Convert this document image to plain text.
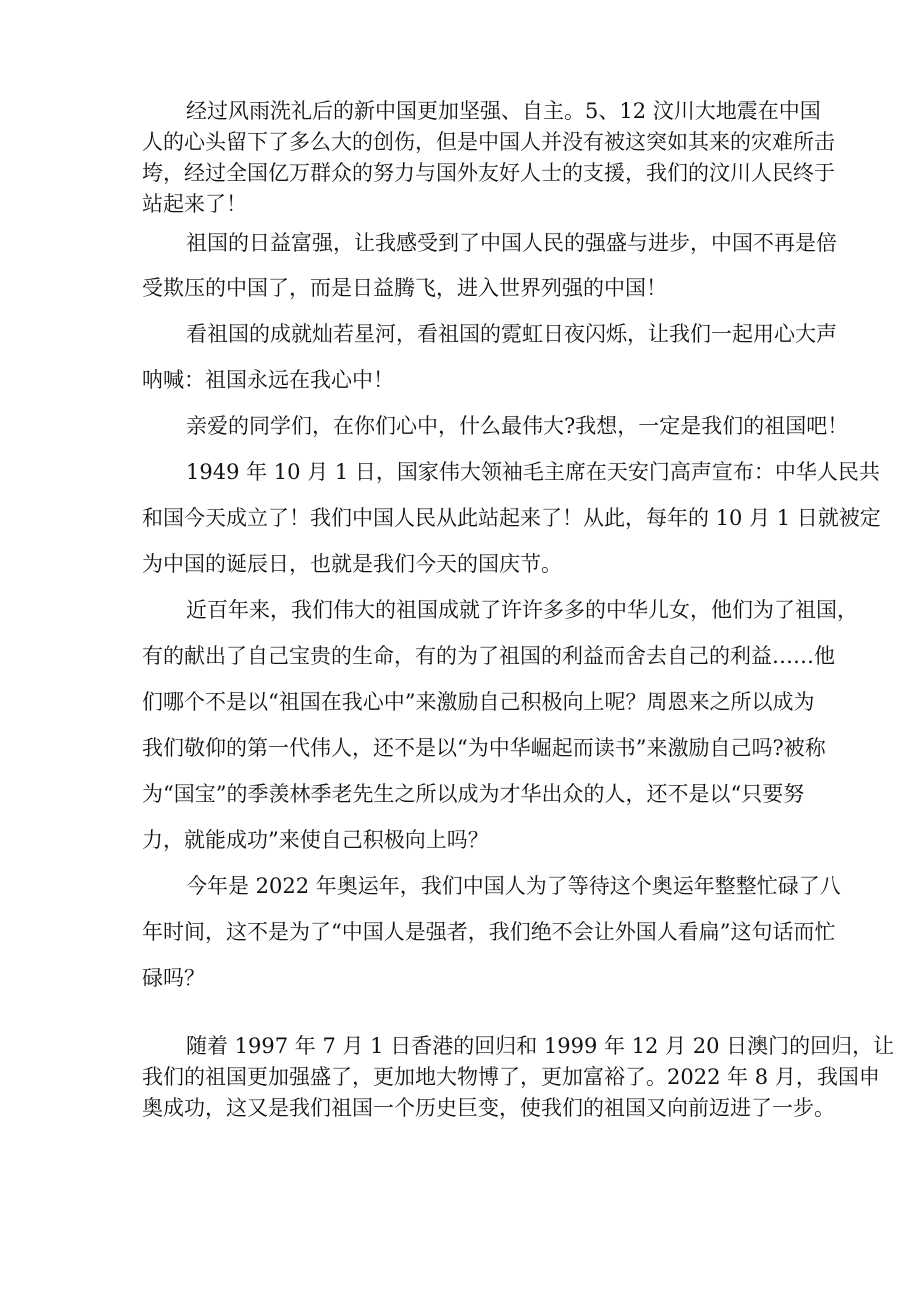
经过风雨洗礼后的新中国更加坚强、自主。5、12 汶川大地震在中国
人的心头留下了多么大的创伤，但是中国人并没有被这突如其来的灾难所击
垮，经过全国亿万群众的努力与国外友好人士的支援，我们的汶川人民终于
站起来了！
祖国的日益富强，让我感受到了中国人民的强盛与进步，中国不再是倍
受欺压的中国了，而是日益腾飞，进入世界列强的中国！
看祖国的成就灿若星河，看祖国的霓虹日夜闪烁，让我们一起用心大声
呐喊：祖国永远在我心中！
亲爱的同学们，在你们心中，什么最伟大?我想，一定是我们的祖国吧！
1949 年 10 月 1 日，国家伟大领袖毛主席在天安门高声宣布：中华人民共
和国今天成立了！我们中国人民从此站起来了！从此，每年的 10 月 1 日就被定
为中国的诞辰日，也就是我们今天的国庆节。
近百年来，我们伟大的祖国成就了许许多多的中华儿女，他们为了祖国，
有的献出了自己宝贵的生命，有的为了祖国的利益而舍去自己的利益……他
们哪个不是以“祖国在我心中”来激励自己积极向上呢？周恩来之所以成为
我们敬仰的第一代伟人，还不是以“为中华崛起而读书”来激励自己吗?被称
为“国宝”的季羡林季老先生之所以成为才华出众的人，还不是以“只要努
力，就能成功”来使自己积极向上吗？
今年是 2022 年奥运年，我们中国人为了等待这个奥运年整整忙碌了八
年时间，这不是为了“中国人是强者，我们绝不会让外国人看扁”这句话而忙
碌吗？
随着 1997 年 7 月 1 日香港的回归和 1999 年 12 月 20 日澳门的回归，让
我们的祖国更加强盛了，更加地大物博了，更加富裕了。2022 年 8 月，我国申
奥成功，这又是我们祖国一个历史巨变，使我们的祖国又向前迈进了一步。
